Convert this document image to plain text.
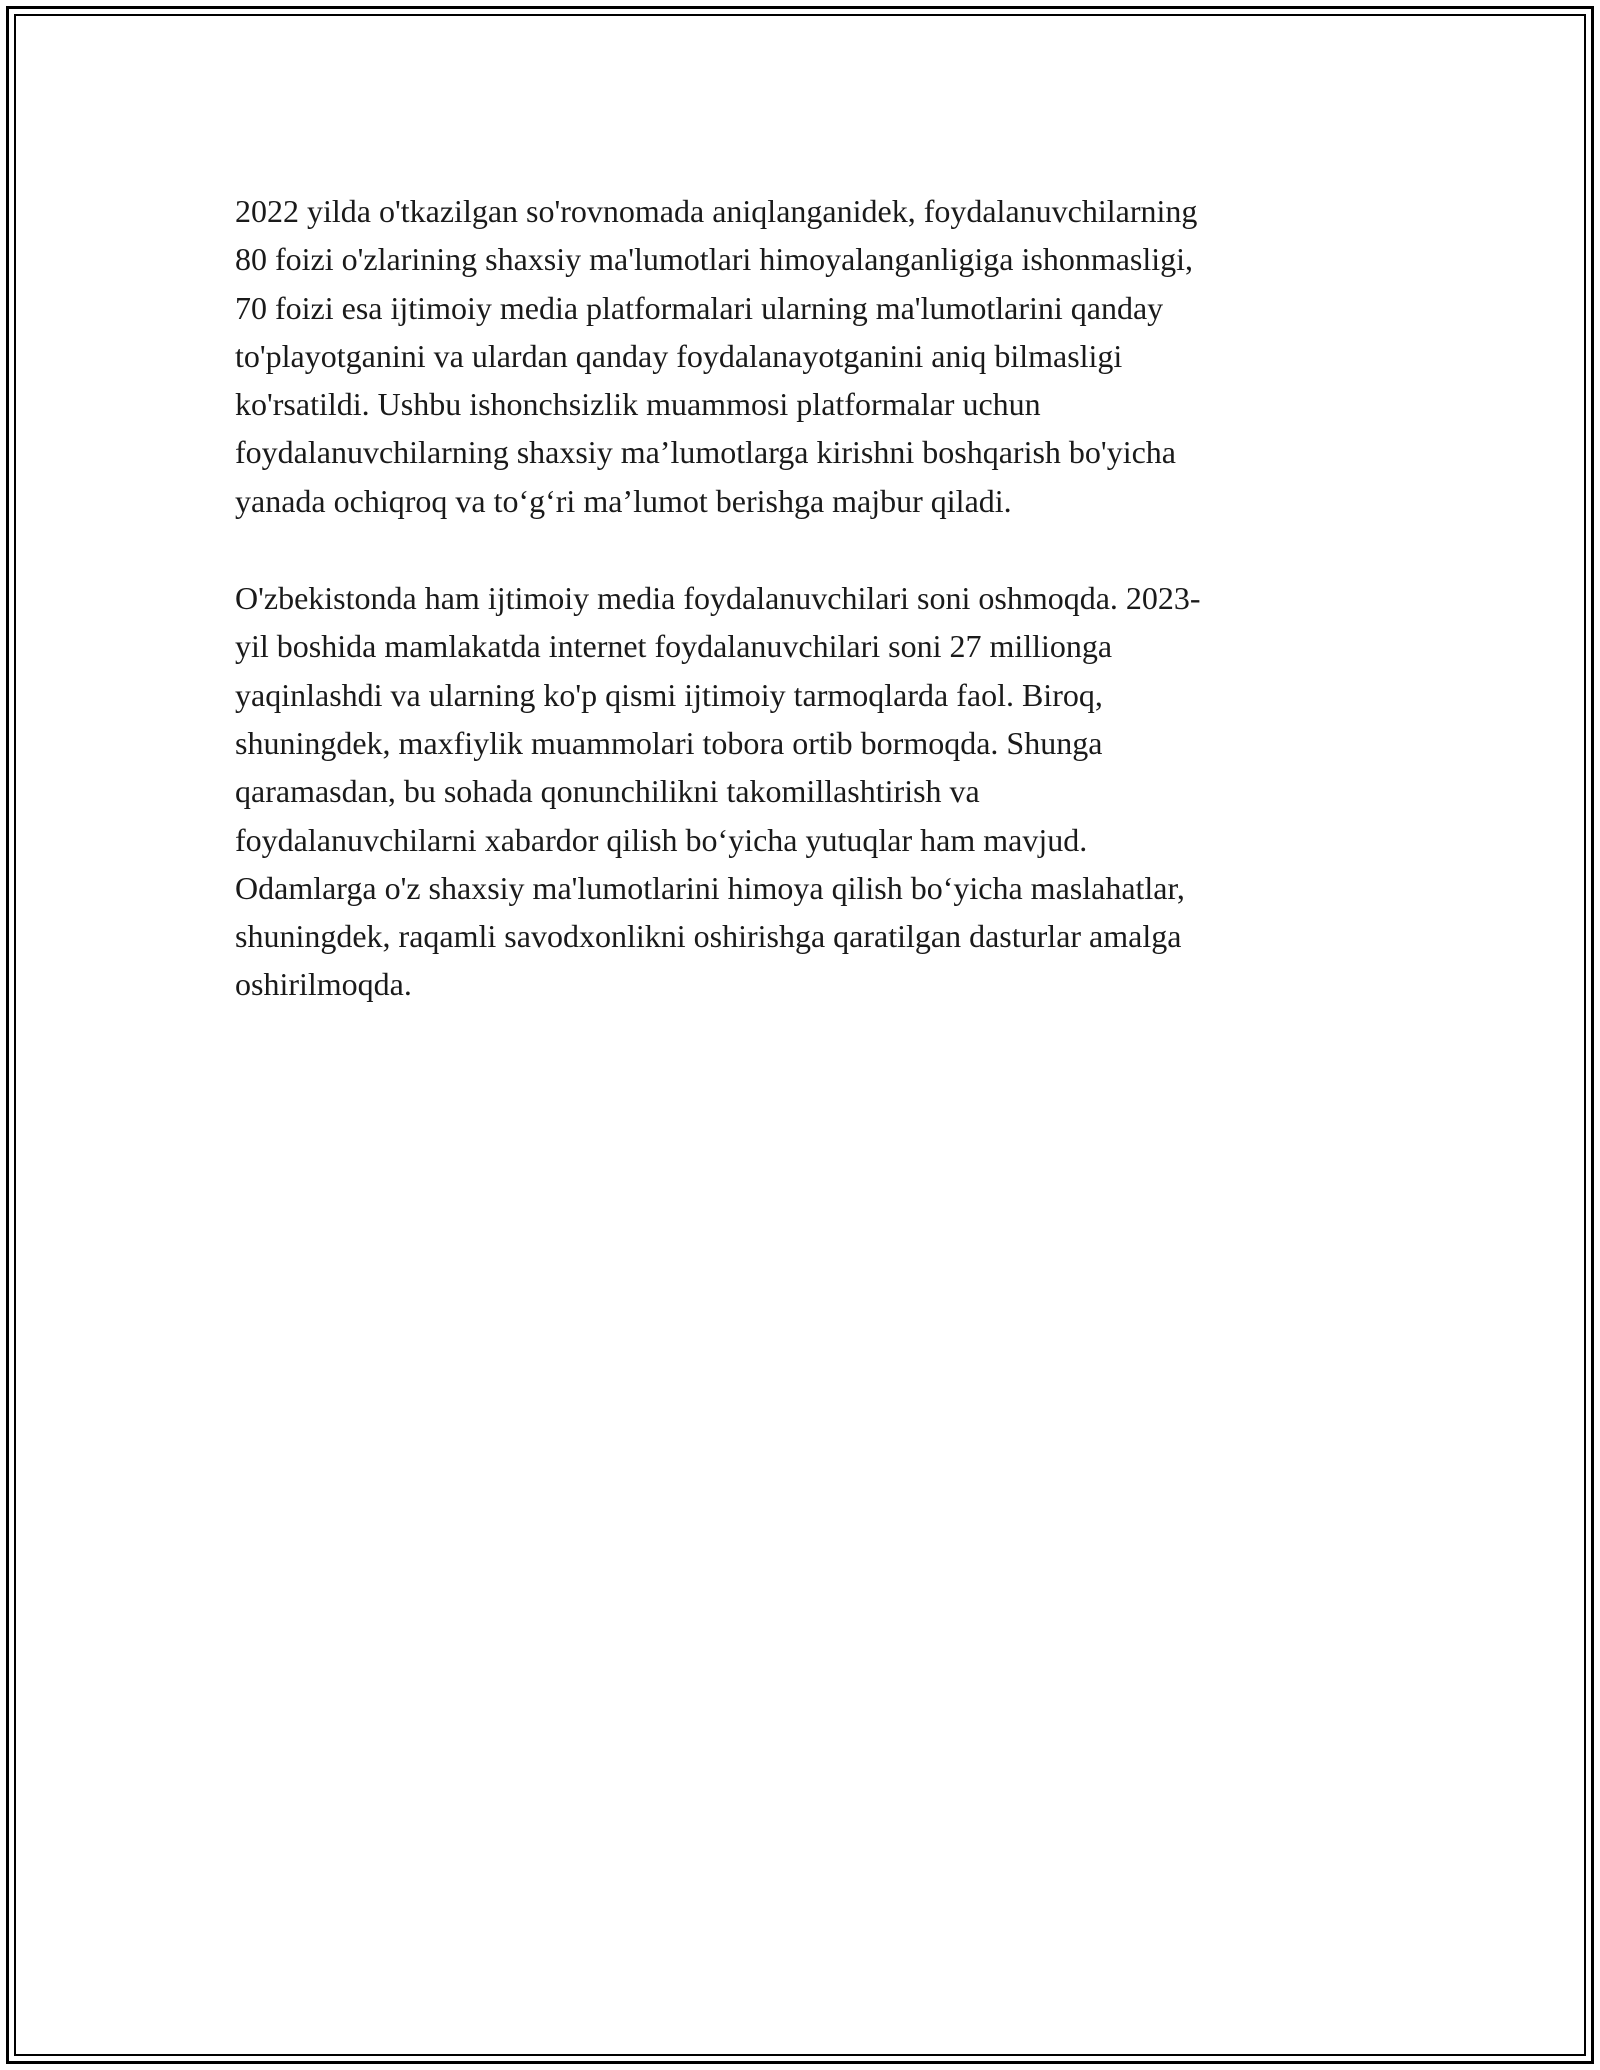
2022 yilda o'tkazilgan so'rovnomada aniqlanganidek, foydalanuvchilarning
80 foizi o'zlarining shaxsiy ma'lumotlari himoyalanganligiga ishonmasligi,
70 foizi esa ijtimoiy media platformalari ularning ma'lumotlarini qanday
to'playotganini va ulardan qanday foydalanayotganini aniq bilmasligi
ko'rsatildi. Ushbu ishonchsizlik muammosi platformalar uchun
foydalanuvchilarning shaxsiy ma’lumotlarga kirishni boshqarish bo'yicha
yanada ochiqroq va to‘g‘ri ma’lumot berishga majbur qiladi.

O'zbekistonda ham ijtimoiy media foydalanuvchilari soni oshmoqda. 2023-
yil boshida mamlakatda internet foydalanuvchilari soni 27 millionga
yaqinlashdi va ularning ko'p qismi ijtimoiy tarmoqlarda faol. Biroq,
shuningdek, maxfiylik muammolari tobora ortib bormoqda. Shunga
qaramasdan, bu sohada qonunchilikni takomillashtirish va
foydalanuvchilarni xabardor qilish bo‘yicha yutuqlar ham mavjud.
Odamlarga o'z shaxsiy ma'lumotlarini himoya qilish bo‘yicha maslahatlar,
shuningdek, raqamli savodxonlikni oshirishga qaratilgan dasturlar amalga
oshirilmoqda.
